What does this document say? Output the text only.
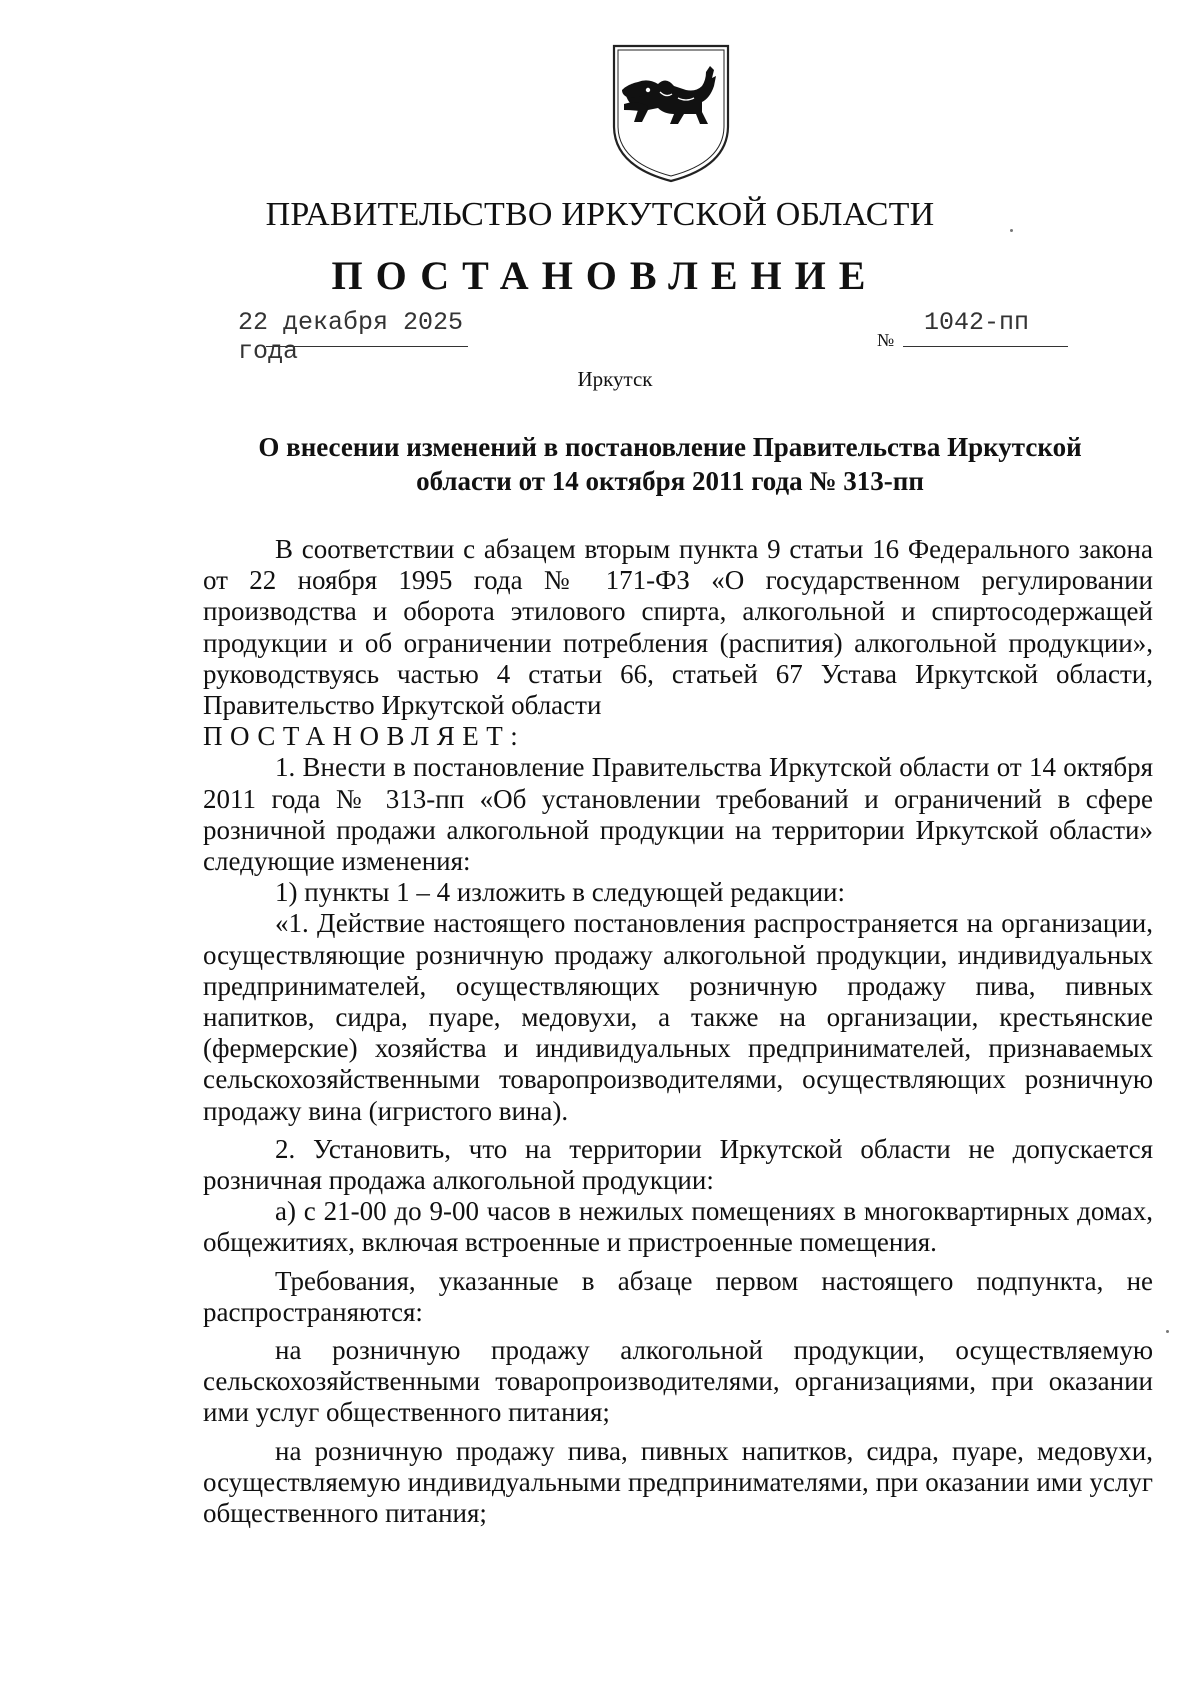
ПРАВИТЕЛЬСТВО ИРКУТСКОЙ ОБЛАСТИ
ПОСТАНОВЛЕНИЕ
22 декабря 2025 года	№
1042-пп
Иркутск
О внесении изменений в постановление Правительства Иркутской
области от 14 октября 2011 года № 313-пп

В соответствии с абзацем вторым пункта 9 статьи 16 Федерального закона от 22 ноября 1995 года № 171-ФЗ «О государственном регулировании производства и оборота этилового спирта, алкогольной и спиртосодержащей продукции и об ограничении потребления (распития) алкогольной продукции», руководствуясь частью 4 статьи 66, статьей 67 Устава Иркутской области, Правительство Иркутской области

ПОСТАНОВЛЯЕТ:

1. Внести в постановление Правительства Иркутской области от 14 октября 2011 года № 313-пп «Об установлении требований и ограничений в сфере розничной продажи алкогольной продукции на территории Иркутской области» следующие изменения:

1) пункты 1 – 4 изложить в следующей редакции:

«1. Действие настоящего постановления распространяется на организации, осуществляющие розничную продажу алкогольной продукции, индивидуальных предпринимателей, осуществляющих розничную продажу пива, пивных напитков, сидра, пуаре, медовухи, а также на организации, крестьянские (фермерские) хозяйства и индивидуальных предпринимателей, признаваемых сельскохозяйственными товаропроизводителями, осуществляющих розничную продажу вина (игристого вина).

2. Установить, что на территории Иркутской области не допускается розничная продажа алкогольной продукции:

а) с 21-00 до 9-00 часов в нежилых помещениях в многоквартирных домах, общежитиях, включая встроенные и пристроенные помещения.

Требования, указанные в абзаце первом настоящего подпункта, не распространяются:

на розничную продажу алкогольной продукции, осуществляемую сельскохозяйственными товаропроизводителями, организациями, при оказании ими услуг общественного питания;

на розничную продажу пива, пивных напитков, сидра, пуаре, медовухи, осуществляемую индивидуальными предпринимателями, при оказании ими услуг общественного питания;
